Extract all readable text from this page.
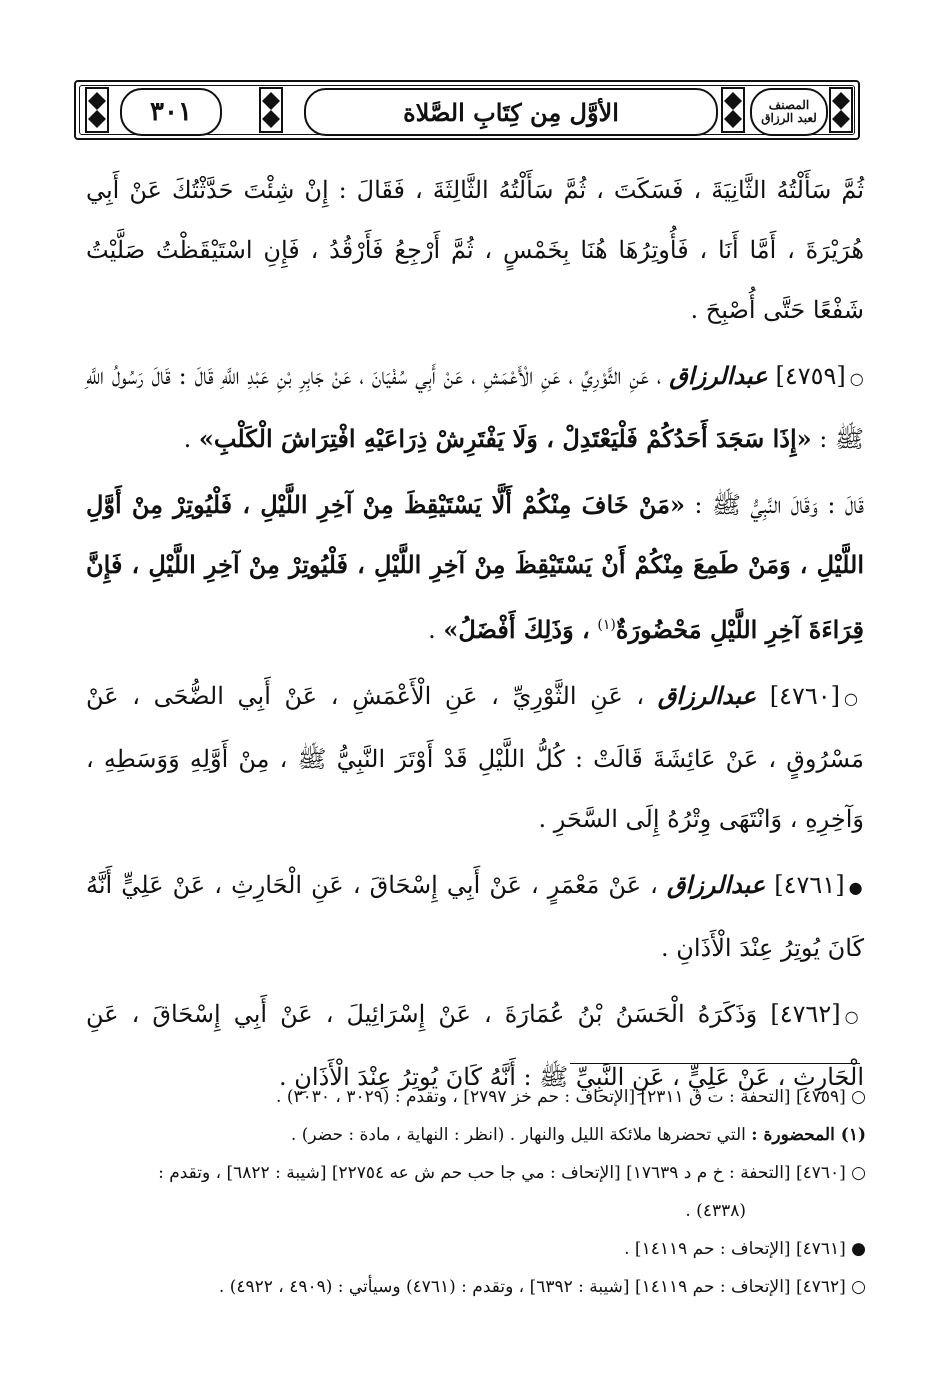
٣٠١	الأوَّل مِن كِتَابِ الصَّلاة	المصنف
لعبد الرزاق

ثُمَّ سَأَلْتُهُ الثَّانِيَةَ ، فَسَكَتَ ، ثُمَّ سَأَلْتُهُ الثَّالِثَةَ ، فَقَالَ : إِنْ شِئْتَ حَدَّثْتُكَ عَنْ أَبِي هُرَيْرَةَ ، أَمَّا أَنَا ، فَأُوتِرُهَا هُنَا بِخَمْسٍ ، ثُمَّ أَرْجِعُ فَأَرْقُدُ ، فَإِنِ اسْتَيْقَظْتُ صَلَّيْتُ شَفْعًا حَتَّى أُصْبِحَ .

○[٤٧٥٩] عبدالرزاق ، عَنِ الثَّوْرِيِّ ، عَنِ الْأَعْمَشِ ، عَنْ أَبِي سُفْيَانَ ، عَنْ جَابِرِ بْنِ عَبْدِ اللَّهِ قَالَ : قَالَ رَسُولُ اللَّهِ ﷺ : «إِذَا سَجَدَ أَحَدُكُمْ فَلْيَعْتَدِلْ ، وَلَا يَفْتَرِشْ ذِرَاعَيْهِ افْتِرَاشَ الْكَلْبِ» .

قَالَ : وَقَالَ النَّبِيُّ ﷺ : «مَنْ خَافَ مِنْكُمْ أَلَّا يَسْتَيْقِظَ مِنْ آخِرِ اللَّيْلِ ، فَلْيُوتِرْ مِنْ أَوَّلِ اللَّيْلِ ، وَمَنْ طَمِعَ مِنْكُمْ أَنْ يَسْتَيْقِظَ مِنْ آخِرِ اللَّيْلِ ، فَلْيُوتِرْ مِنْ آخِرِ اللَّيْلِ ، فَإِنَّ قِرَاءَةَ آخِرِ اللَّيْلِ مَحْضُورَةٌ$^{(١)}$ ، وَذَلِكَ أَفْضَلُ» .

○[٤٧٦٠] عبدالرزاق ، عَنِ الثَّوْرِيِّ ، عَنِ الْأَعْمَشِ ، عَنْ أَبِي الضُّحَى ، عَنْ مَسْرُوقٍ ، عَنْ عَائِشَةَ قَالَتْ : كُلُّ اللَّيْلِ قَدْ أَوْتَرَ النَّبِيُّ ﷺ ، مِنْ أَوَّلِهِ وَوَسَطِهِ ، وَآخِرِهِ ، وَانْتَهَى وِتْرُهُ إِلَى السَّحَرِ .

●[٤٧٦١] عبدالرزاق ، عَنْ مَعْمَرٍ ، عَنْ أَبِي إِسْحَاقَ ، عَنِ الْحَارِثِ ، عَنْ عَلِيٍّ أَنَّهُ كَانَ يُوتِرُ عِنْدَ الْأَذَانِ .

○[٤٧٦٢] وَذَكَرَهُ الْحَسَنُ بْنُ عُمَارَةَ ، عَنْ إِسْرَائِيلَ ، عَنْ أَبِي إِسْحَاقَ ، عَنِ الْحَارِثِ ، عَنْ عَلِيٍّ ، عَنِ النَّبِيِّ ﷺ : أَنَّهُ كَانَ يُوتِرُ عِنْدَ الْأَذَانِ .

○ [٤٧٥٩] [التحفة : ت ق ٢٣١١] [الإتحاف : حم خز ٢٧٩٧] ، وتقدم : (٣٠٢٩ ، ٣٠٣٠) .

(١) المحضورة : التي تحضرها ملائكة الليل والنهار . (انظر : النهاية ، مادة : حضر) .

○ [٤٧٦٠] [التحفة : خ م د ١٧٦٣٩] [الإتحاف : مي جا حب حم ش عه ٢٢٧٥٤] [شيبة : ٦٨٢٢] ، وتقدم :

(٤٣٣٨) .

● [٤٧٦١] [الإتحاف : حم ١٤١١٩] .

○ [٤٧٦٢] [الإتحاف : حم ١٤١١٩] [شيبة : ٦٣٩٢] ، وتقدم : (٤٧٦١) وسيأتي : (٤٩٠٩ ، ٤٩٢٢) .
